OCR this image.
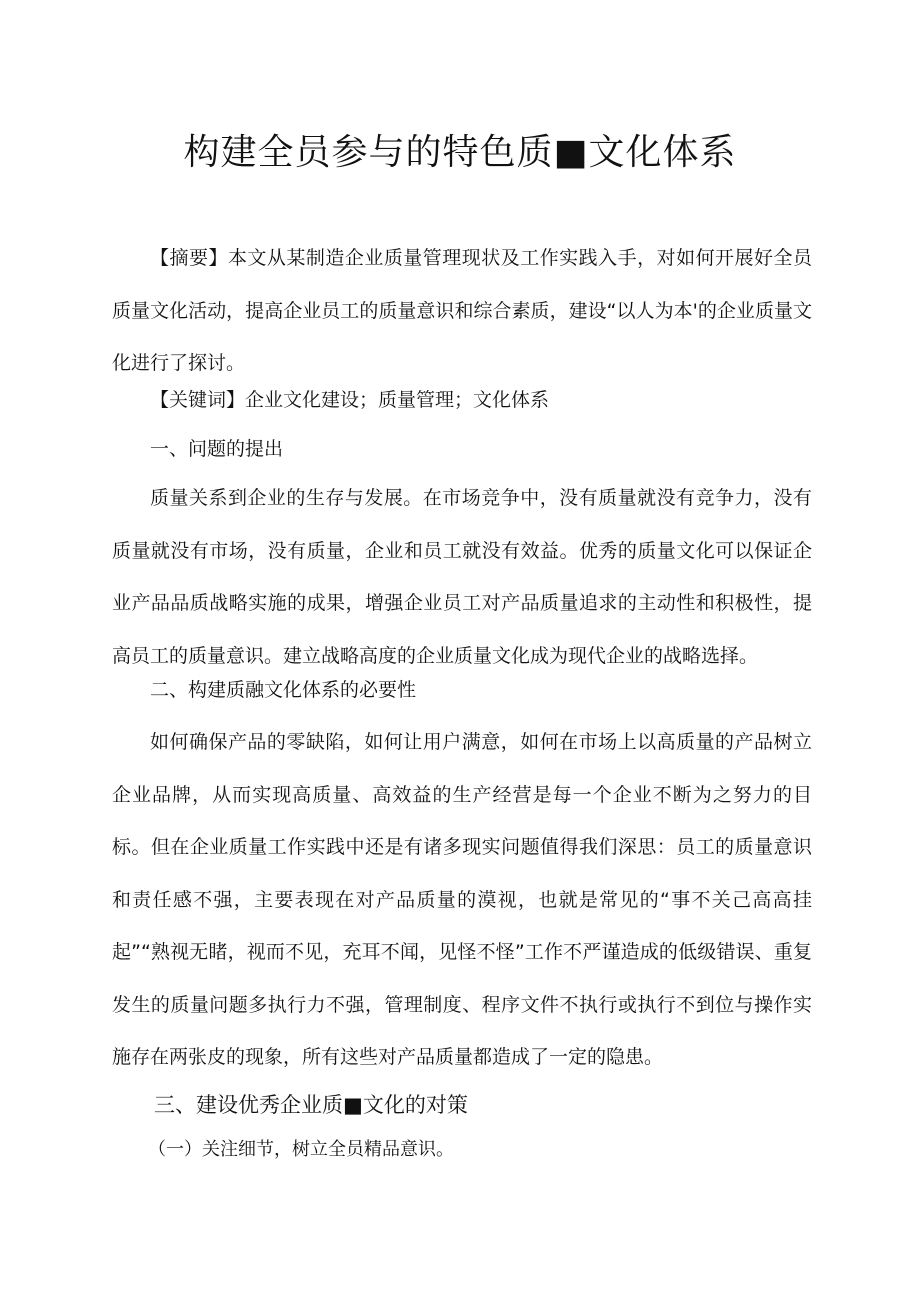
构建全员参与的特色质■文化体系

【摘要】本文从某制造企业质量管理现状及工作实践入手，对如何开展好全员质量文化活动，提高企业员工的质量意识和综合素质，建设“以人为本'的企业质量文化进行了探讨。

【关键词】企业文化建设；质量管理；文化体系

一、问题的提出

质量关系到企业的生存与发展。在市场竞争中，没有质量就没有竞争力，没有质量就没有市场，没有质量，企业和员工就没有效益。优秀的质量文化可以保证企业产品品质战略实施的成果，增强企业员工对产品质量追求的主动性和积极性，提高员工的质量意识。建立战略高度的企业质量文化成为现代企业的战略选择。

二、构建质融文化体系的必要性

如何确保产品的零缺陷，如何让用户满意，如何在市场上以高质量的产品树立企业品牌，从而实现高质量、高效益的生产经营是每一个企业不断为之努力的目标。但在企业质量工作实践中还是有诸多现实问题值得我们深思：员工的质量意识和责任感不强，主要表现在对产品质量的漠视，也就是常见的“事不关己高高挂起”“熟视无睹，视而不见，充耳不闻，见怪不怪”工作不严谨造成的低级错误、重复发生的质量问题多执行力不强，管理制度、程序文件不执行或执行不到位与操作实施存在两张皮的现象，所有这些对产品质量都造成了一定的隐患。

三、建设优秀企业质■文化的对策

（一）关注细节，树立全员精品意识。
